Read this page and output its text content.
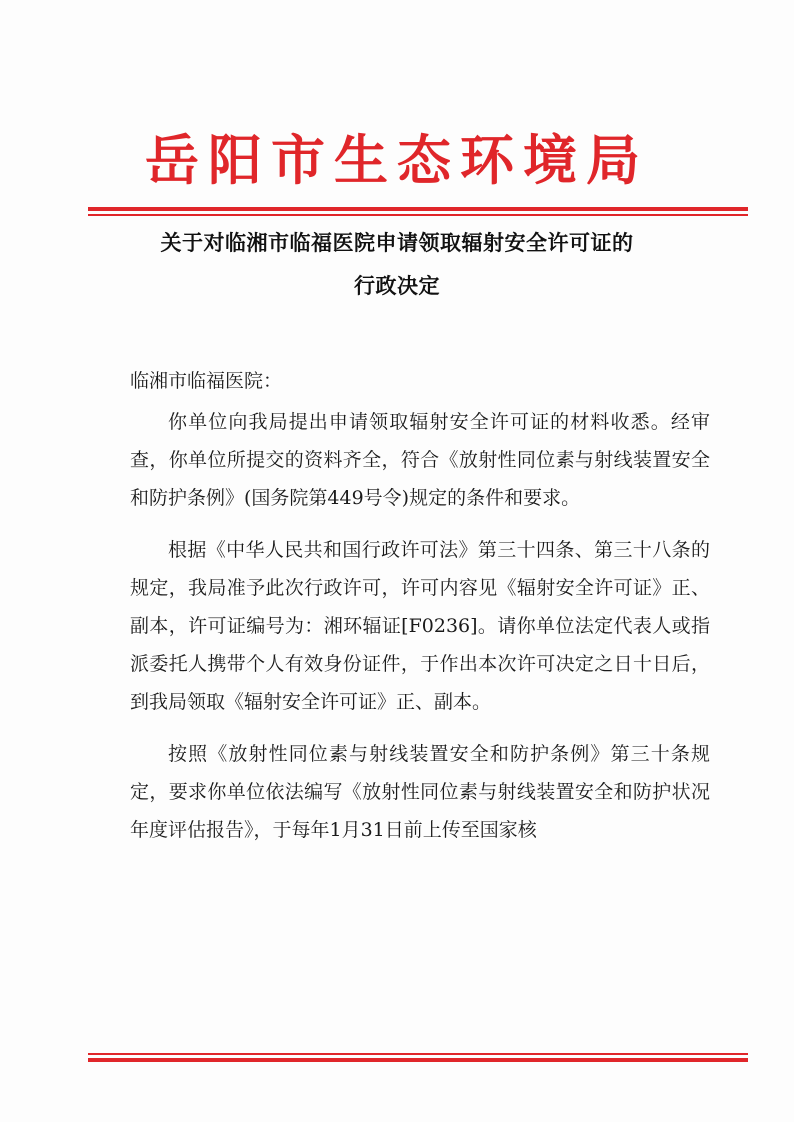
岳阳市生态环境局
关于对临湘市临福医院申请领取辐射安全许可证的
行政决定
临湘市临福医院：

你单位向我局提出申请领取辐射安全许可证的材料收悉。经审查，你单位所提交的资料齐全，符合《放射性同位素与射线装置安全和防护条例》(国务院第449号令)规定的条件和要求。

根据《中华人民共和国行政许可法》第三十四条、第三十八条的规定，我局准予此次行政许可，许可内容见《辐射安全许可证》正、副本，许可证编号为：湘环辐证[F0236]。请你单位法定代表人或指派委托人携带个人有效身份证件，于作出本次许可决定之日十日后，到我局领取《辐射安全许可证》正、副本。

按照《放射性同位素与射线装置安全和防护条例》第三十条规定，要求你单位依法编写《放射性同位素与射线装置安全和防护状况年度评估报告》，于每年1月31日前上传至国家核
